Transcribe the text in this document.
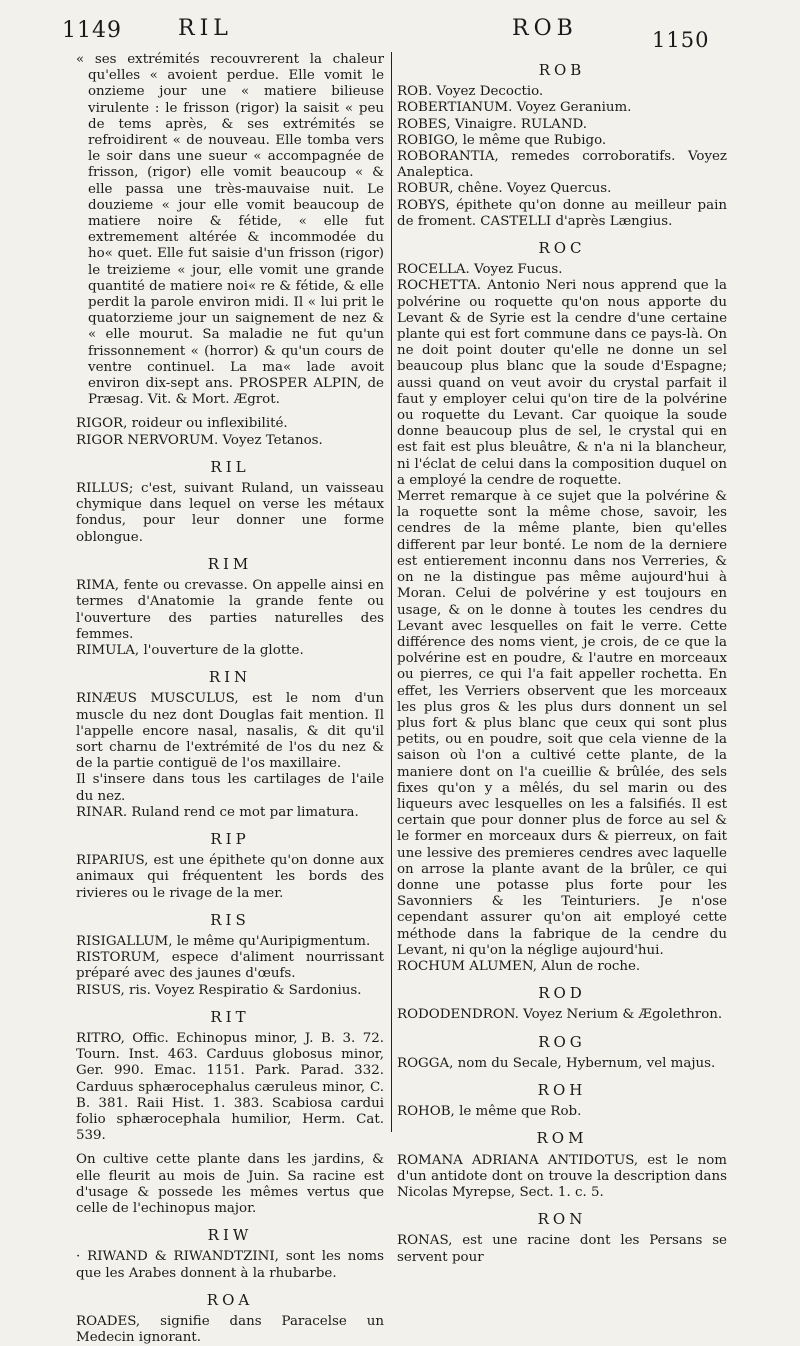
1149	RIL	ROB	1150

« ses extrémités recouvrerent la chaleur qu'elles « avoient perdue. Elle vomit le onzieme jour une « matiere bilieuse virulente : le frisson (rigor) la saisit « peu de tems après, & ses extrémités se refroidirent « de nouveau. Elle tomba vers le soir dans une sueur « accompagnée de frisson, (rigor) elle vomit beaucoup « & elle passa une très-mauvaise nuit. Le douzieme « jour elle vomit beaucoup de matiere noire & fétide, « elle fut extremement altérée & incommodée du ho« quet. Elle fut saisie d'un frisson (rigor) le treizieme « jour, elle vomit une grande quantité de matiere noi« re & fétide, & elle perdit la parole environ midi. Il « lui prit le quatorzieme jour un saignement de nez & « elle mourut. Sa maladie ne fut qu'un frissonnement « (horror) & qu'un cours de ventre continuel. La ma« lade avoit environ dix-sept ans. PROSPER ALPIN, de Præsag. Vit. & Mort. Ægrot.

RIGOR, roideur ou inflexibilité.

RIGOR NERVORUM. Voyez Tetanos.

RIL

RILLUS; c'est, suivant Ruland, un vaisseau chymique dans lequel on verse les métaux fondus, pour leur donner une forme oblongue.

RIM

RIMA, fente ou crevasse. On appelle ainsi en termes d'Anatomie la grande fente ou l'ouverture des parties naturelles des femmes.

RIMULA, l'ouverture de la glotte.

RIN

RINÆUS MUSCULUS, est le nom d'un muscle du nez dont Douglas fait mention. Il l'appelle encore nasal, nasalis, & dit qu'il sort charnu de l'extrémité de l'os du nez & de la partie contiguë de l'os maxillaire.

Il s'insere dans tous les cartilages de l'aile du nez.

RINAR. Ruland rend ce mot par limatura.

RIP

RIPARIUS, est une épithete qu'on donne aux animaux qui fréquentent les bords des rivieres ou le rivage de la mer.

RIS

RISIGALLUM, le même qu'Auripigmentum.

RISTORUM, espece d'aliment nourrissant préparé avec des jaunes d'œufs.

RISUS, ris. Voyez Respiratio & Sardonius.

RIT

RITRO, Offic. Echinopus minor, J. B. 3. 72. Tourn. Inst. 463. Carduus globosus minor, Ger. 990. Emac. 1151. Park. Parad. 332. Carduus sphærocephalus cæruleus minor, C. B. 381. Raii Hist. 1. 383. Scabiosa cardui folio sphærocephala humilior, Herm. Cat. 539.

On cultive cette plante dans les jardins, & elle fleurit au mois de Juin. Sa racine est d'usage & possede les mêmes vertus que celle de l'echinopus major.

RIW

· RIWAND & RIWANDTZINI, sont les noms que les Arabes donnent à la rhubarbe.

ROA

ROADES, signifie dans Paracelse un Medecin ignorant.

ROB

ROB. Voyez Decoctio.

ROBERTIANUM. Voyez Geranium.

ROBES, Vinaigre. RULAND.

ROBIGO, le même que Rubigo.

ROBORANTIA, remedes corroboratifs. Voyez Analeptica.

ROBUR, chêne. Voyez Quercus.

ROBYS, épithete qu'on donne au meilleur pain de froment. CASTELLI d'après Længius.

ROC

ROCELLA. Voyez Fucus.

ROCHETTA. Antonio Neri nous apprend que la polvérine ou roquette qu'on nous apporte du Levant & de Syrie est la cendre d'une certaine plante qui est fort commune dans ce pays-là. On ne doit point douter qu'elle ne donne un sel beaucoup plus blanc que la soude d'Espagne; aussi quand on veut avoir du crystal parfait il faut y employer celui qu'on tire de la polvérine ou roquette du Levant. Car quoique la soude donne beaucoup plus de sel, le crystal qui en est fait est plus bleuâtre, & n'a ni la blancheur, ni l'éclat de celui dans la composition duquel on a employé la cendre de roquette.

Merret remarque à ce sujet que la polvérine & la roquette sont la même chose, savoir, les cendres de la même plante, bien qu'elles different par leur bonté. Le nom de la derniere est entierement inconnu dans nos Verreries, & on ne la distingue pas même aujourd'hui à Moran. Celui de polvérine y est toujours en usage, & on le donne à toutes les cendres du Levant avec lesquelles on fait le verre. Cette différence des noms vient, je crois, de ce que la polvérine est en poudre, & l'autre en morceaux ou pierres, ce qui l'a fait appeller rochetta. En effet, les Verriers observent que les morceaux les plus gros & les plus durs donnent un sel plus fort & plus blanc que ceux qui sont plus petits, ou en poudre, soit que cela vienne de la saison où l'on a cultivé cette plante, de la maniere dont on l'a cueillie & brûlée, des sels fixes qu'on y a mêlés, du sel marin ou des liqueurs avec lesquelles on les a falsifiés. Il est certain que pour donner plus de force au sel & le former en morceaux durs & pierreux, on fait une lessive des premieres cendres avec laquelle on arrose la plante avant de la brûler, ce qui donne une potasse plus forte pour les Savonniers & les Teinturiers. Je n'ose cependant assurer qu'on ait employé cette méthode dans la fabrique de la cendre du Levant, ni qu'on la néglige aujourd'hui.

ROCHUM ALUMEN, Alun de roche.

ROD

RODODENDRON. Voyez Nerium & Ægolethron.

ROG

ROGGA, nom du Secale, Hybernum, vel majus.

ROH

ROHOB, le même que Rob.

ROM

ROMANA ADRIANA ANTIDOTUS, est le nom d'un antidote dont on trouve la description dans Nicolas Myrepse, Sect. 1. c. 5.

RON

RONAS, est une racine dont les Persans se servent pour
